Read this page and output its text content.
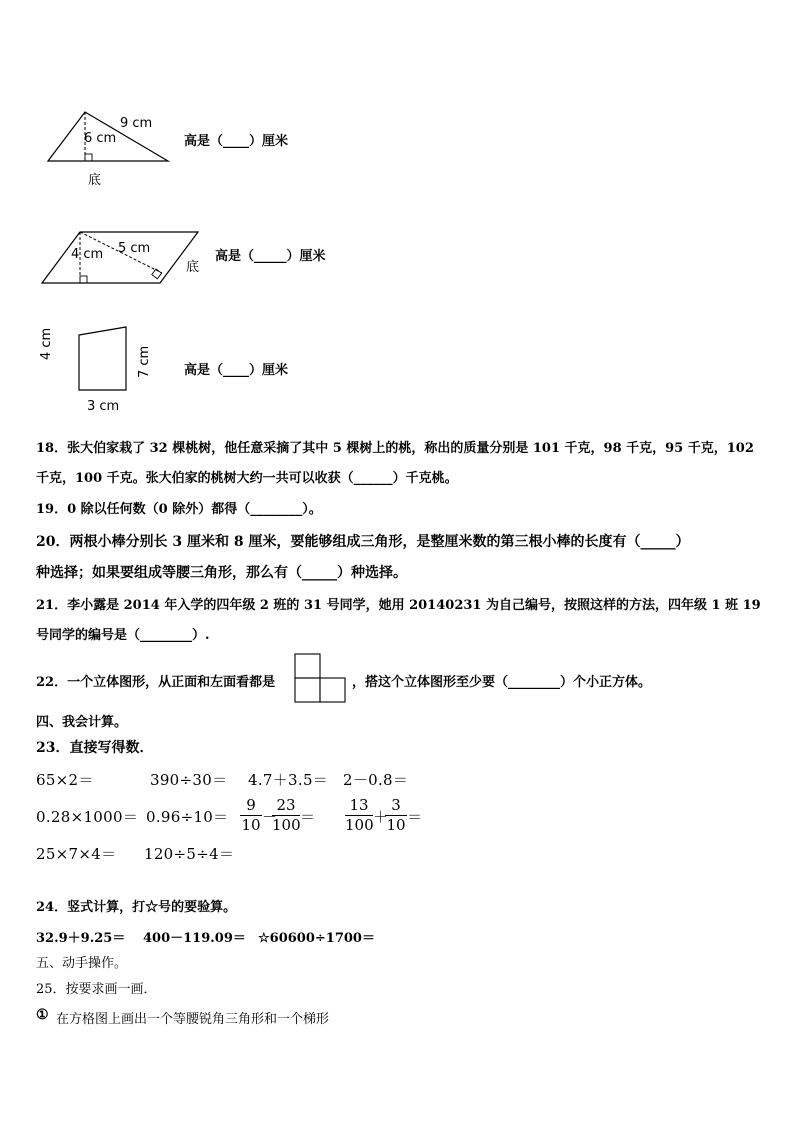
9 cm
6 cm
底
高是（____）厘米
5 cm
4 cm
底
高是（_____）厘米
4 cm
7 cm
3 cm
高是（____）厘米
18．张大伯家栽了 32 棵桃树，他任意采摘了其中 5 棵树上的桃，称出的质量分别是 101 千克，98 千克，95 千克，102
千克，100 千克。张大伯家的桃树大约一共可以收获（______）千克桃。
19．0 除以任何数（0 除外）都得（________）。
20．两根小棒分别长 3 厘米和 8 厘米，要能够组成三角形，是整厘米数的第三根小棒的长度有（_____）
种选择；如果要组成等腰三角形，那么有（_____）种选择。
21．李小露是 2014 年入学的四年级 2 班的 31 号同学，她用 20140231 为自己编号，按照这样的方法，四年级 1 班 19
号同学的编号是（________）.
22．一个立体图形，从正面和左面看都是	，搭这个立体图形至少要（________）个小正方体。
四、我会计算。
23．直接写得数．
65×2＝	390÷30＝ 4.7＋3.5＝ 2－0.8＝
0.28×1000＝ 0.96÷10＝
9
10 －
23
100 ＝
13
100 ＋
3
10 ＝
25×7×4＝ 120÷5÷4＝
24．竖式计算，打☆号的要验算。
32.9＋9.25＝ 400－119.09＝ ☆60600÷1700＝
五、动手操作。
25．按要求画一画．
① 在方格图上画出一个等腰锐角三角形和一个梯形
